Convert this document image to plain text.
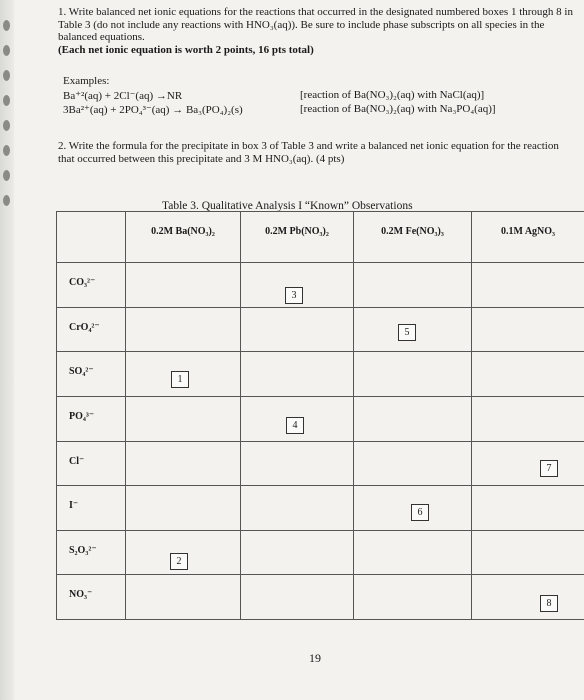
1. Write balanced net ionic equations for the reactions that occurred in the designated numbered boxes 1 through 8 in Table 3 (do not include any reactions with HNO₃(aq)). Be sure to include phase subscripts on all species in the balanced equations.
(Each net ionic equation is worth 2 points, 16 pts total)
Examples:
Ba⁺²(aq) + 2Cl⁻(aq) →NR	[reaction of Ba(NO₃)₂(aq) with NaCl(aq)]
3Ba²⁺(aq) + 2PO₄³⁻(aq) → Ba₃(PO₄)₂(s)	[reaction of Ba(NO₃)₂(aq) with Na₃PO₄(aq)]
2. Write the formula for the precipitate in box 3 of Table 3 and write a balanced net ionic equation for the reaction that occurred between this precipitate and 3 M HNO₃(aq). (4 pts)
Table 3. Qualitative Analysis I “Known” Observations
	0.2M Ba(NO₃)₂	0.2M Pb(NO₃)₂	0.2M Fe(NO₃)₃	0.1M AgNO₃
CO₃²⁻		3		

CrO₄²⁻			5	

SO₄²⁻	1			

PO₄³⁻		4		

Cl⁻				7

I⁻			6	

S₂O₃²⁻	2			

NO₃⁻				8
19
